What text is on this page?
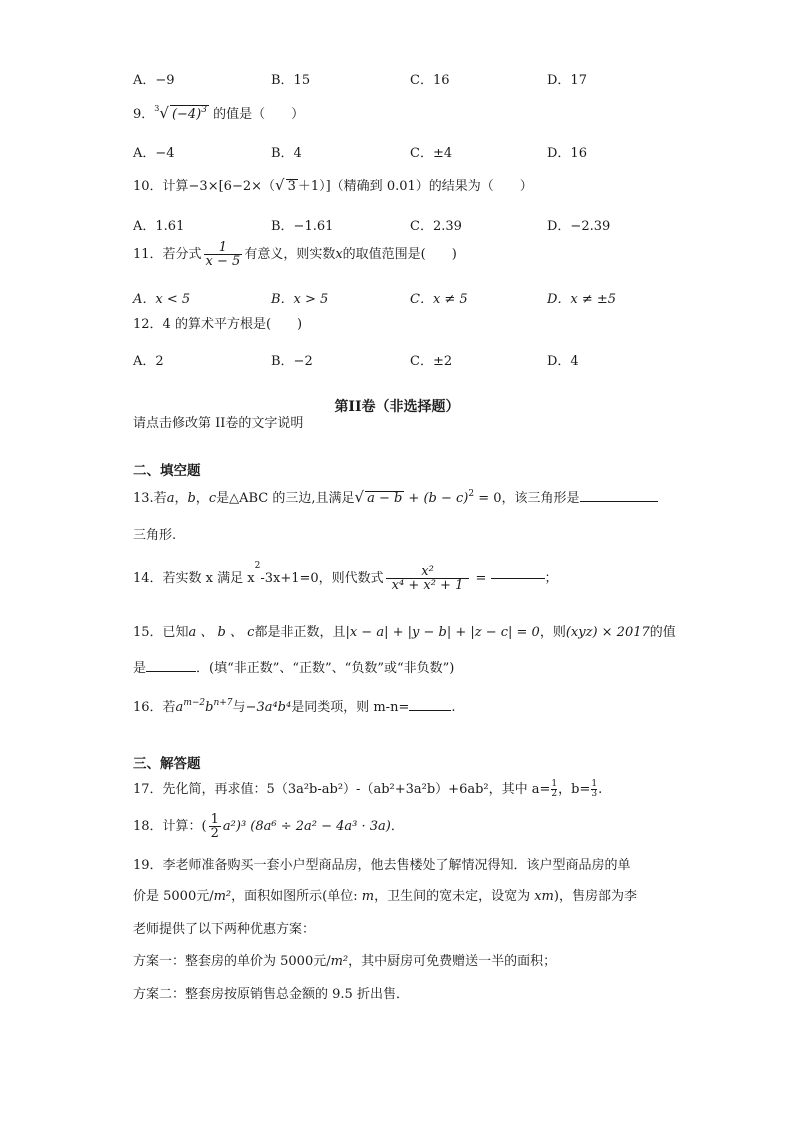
A．−9	B．15	C．16	D．17
9．$^3$√ $(-4)^3$ 的值是（　　）
A．−4	B．4	C．±4	D．16
10．计算−3×[6−2×（√ 3 ＋1）]（精确到 0.01）的结果为（　　）
A．1.61	B．−1.61	C．2.39	D．−2.39
11．若分式 $\frac{1}{x - 5}$ 有意义，则实数x的取值范围是(　　)
A．x < 5	B．x > 5	C．x ≠ 5	D．x ≠ ±5
12．4 的算术平方根是(　　)
A．2	B．−2	C．±2	D．4
第II卷（非选择题）
请点击修改第 II卷的文字说明
二、填空题
13.若a，b，c是△ABC 的三边,且满足√ $a - b + (b - c)^2 = 0$，该三角形是
三角形.
14．若实数 x 满足 $x^2-3x+1=0$，则代数式 $\frac{\text{x²}}{\text{x⁴ + x² + 1}}$ =	；
15．已知a 、 b 、 c都是非正数，且|x − a| + |y − b| + |z − c| = 0，则(xyz) × 2017的值
是	．(填“非正数”、“正数”、“负数”或“非负数”)
16．若$a^{m-2}b^{n+7}$与−3a⁴b⁴是同类项，则 m-n=	.
三、解答题
17．先化简，再求值：5（3a²b-ab²）-（ab²+3a²b）+6ab²，其中 $a= \frac{1}{2}$ ，$b= \frac{1}{3}$ .
18．计算：( $\frac{1}{2} a^2)^3$ (8a⁶ ÷ 2a² − 4a³ · 3a)．
19．李老师准备购买一套小户型商品房，他去售楼处了解情况得知．该户型商品房的单
价是 5000元/m²，面积如图所示(单位: m，卫生间的宽未定，设宽为 xm)，售房部为李
老师提供了以下两种优惠方案：
方案一：整套房的单价为 5000元/m²，其中厨房可免费赠送一半的面积；
方案二：整套房按原销售总金额的 9.5 折出售．
